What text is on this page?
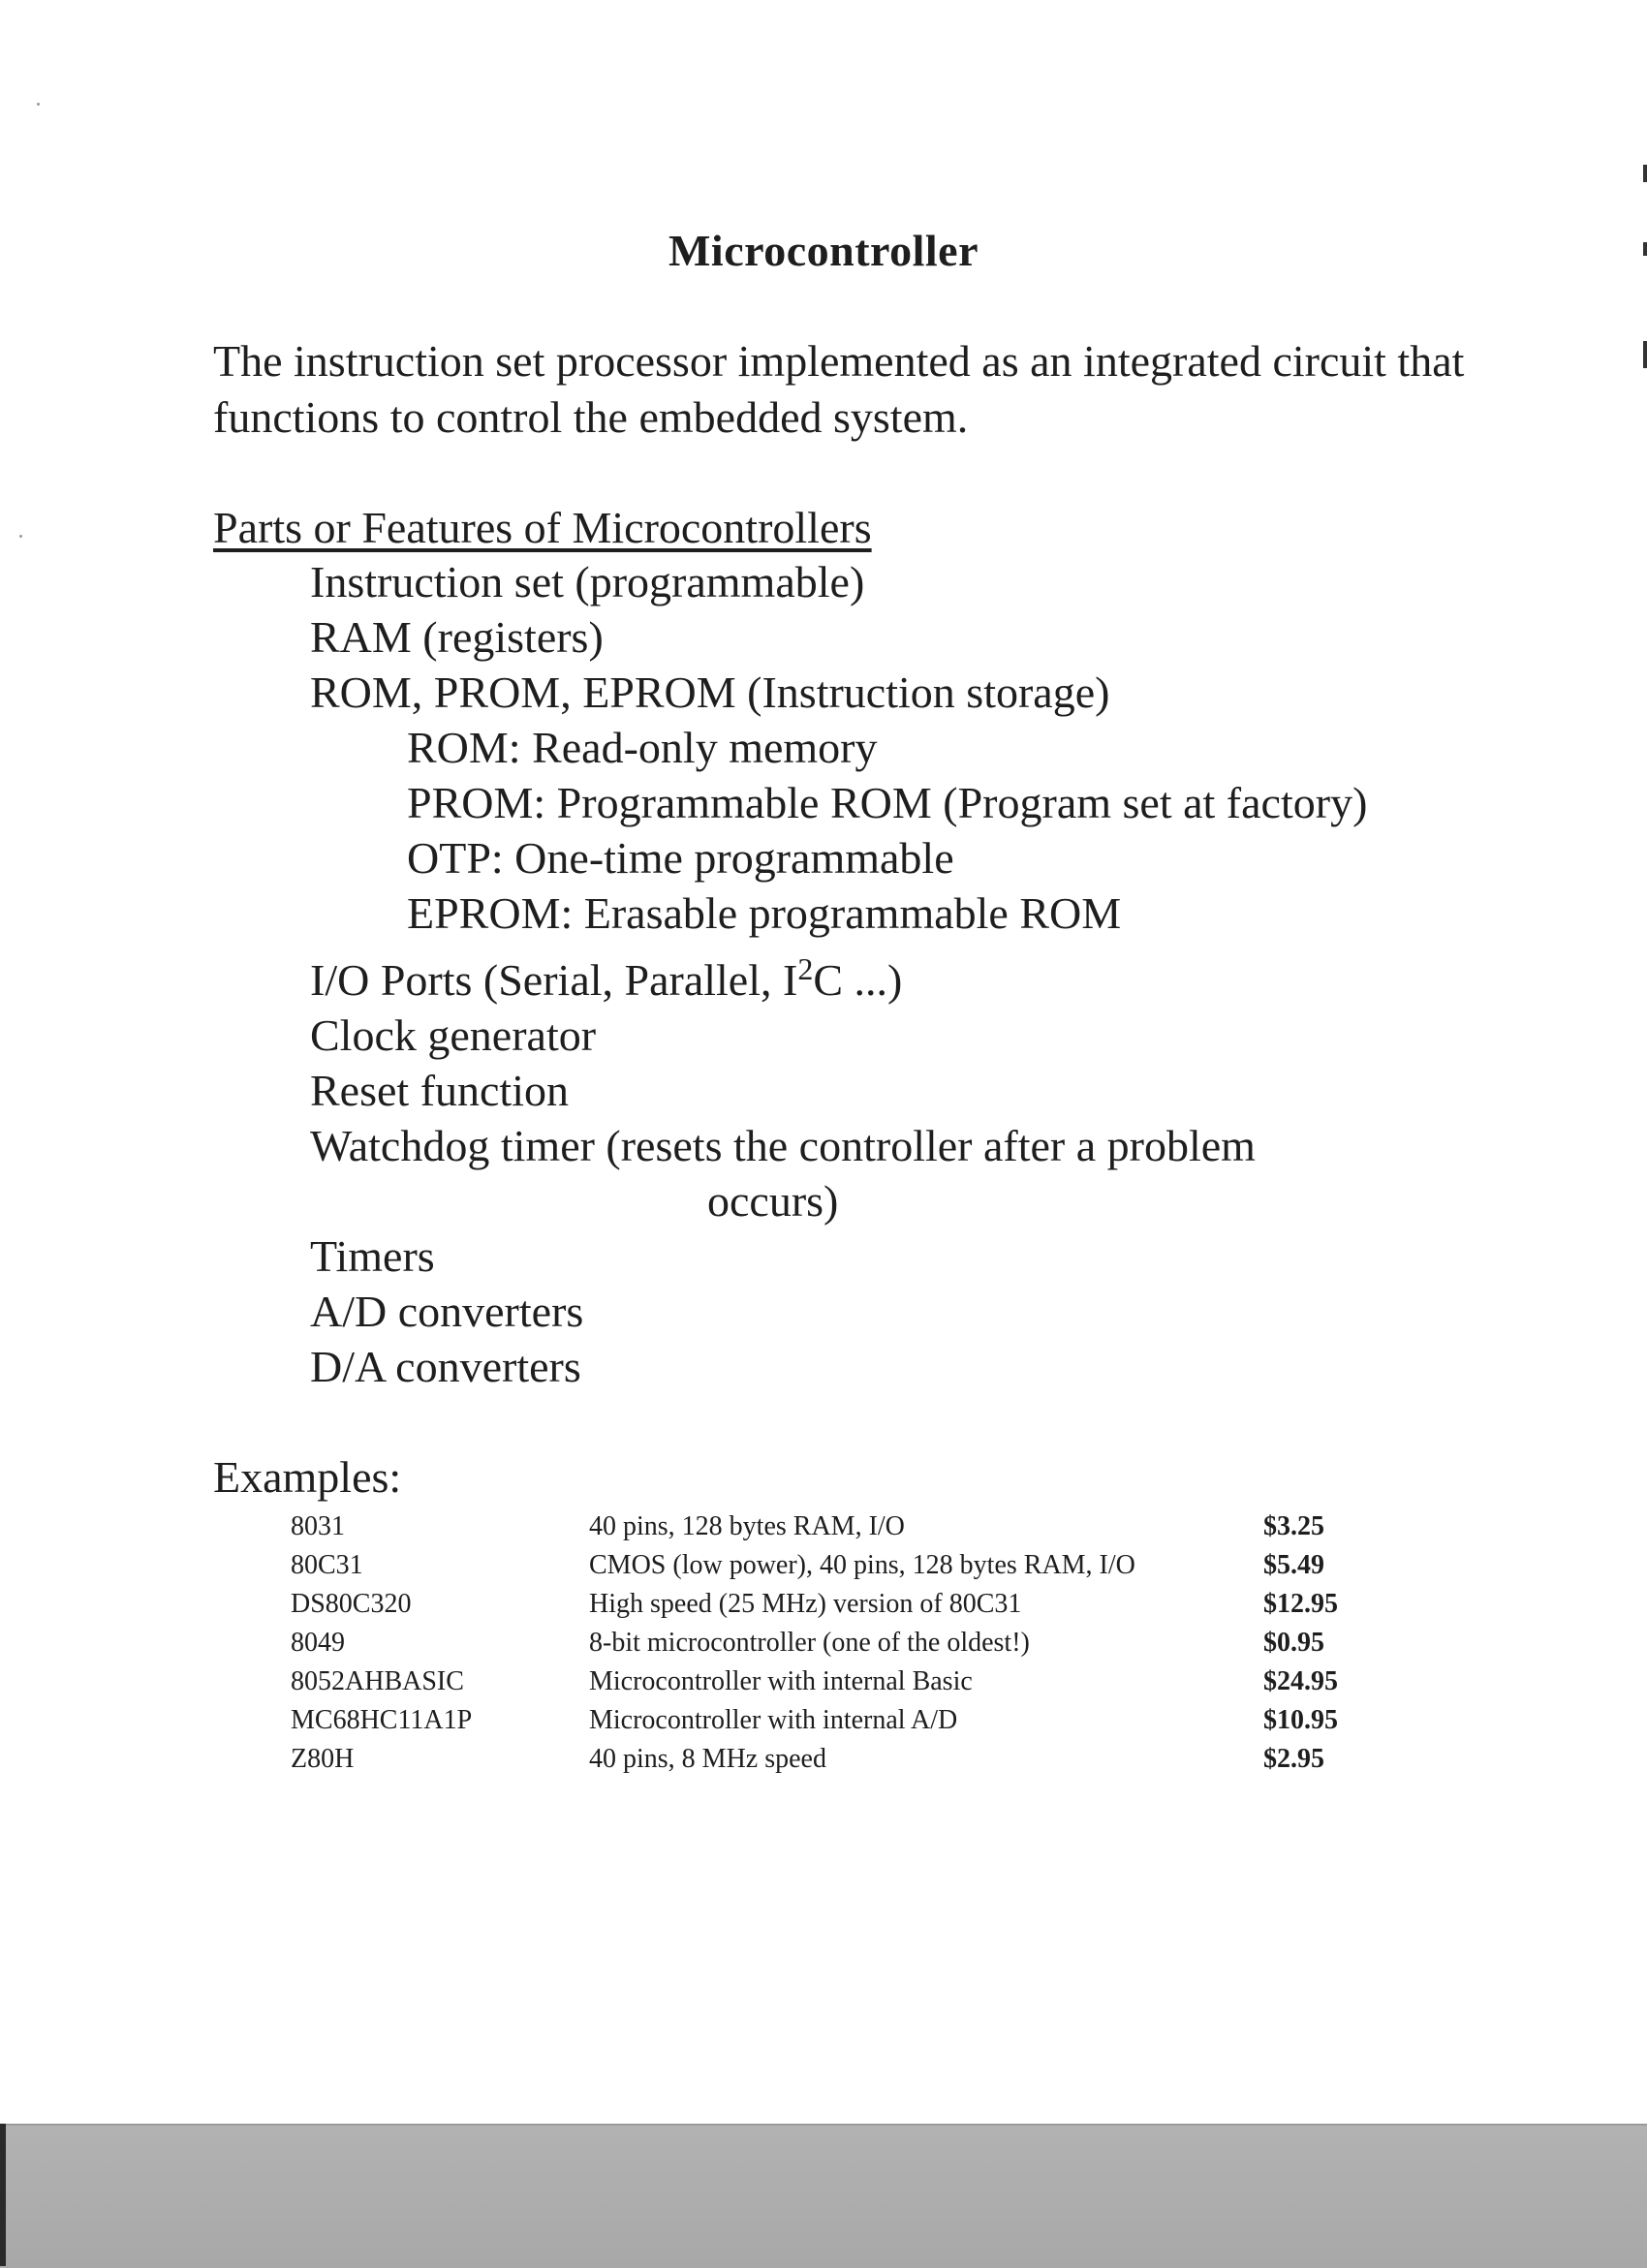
Microcontroller

The instruction set processor implemented as an integrated circuit that functions to control the embedded system.

Parts or Features of Microcontrollers

Instruction set (programmable)
RAM (registers)
ROM, PROM, EPROM (Instruction storage)
ROM: Read-only memory
PROM: Programmable ROM (Program set at factory)
OTP: One-time programmable
EPROM: Erasable programmable ROM
I/O Ports (Serial, Parallel, $I^2C$ ...)
Clock generator
Reset function
Watchdog timer (resets the controller after a problem
occurs)
Timers
A/D converters
D/A converters

Examples:

8031	40 pins, 128 bytes RAM, I/O	$3.25
80C31	CMOS (low power), 40 pins, 128 bytes RAM, I/O	$5.49
DS80C320	High speed (25 MHz) version of 80C31	$12.95
8049	8-bit microcontroller (one of the oldest!)	$0.95
8052AHBASIC	Microcontroller with internal Basic	$24.95
MC68HC11A1P	Microcontroller with internal A/D	$10.95
Z80H	40 pins, 8 MHz speed	$2.95
